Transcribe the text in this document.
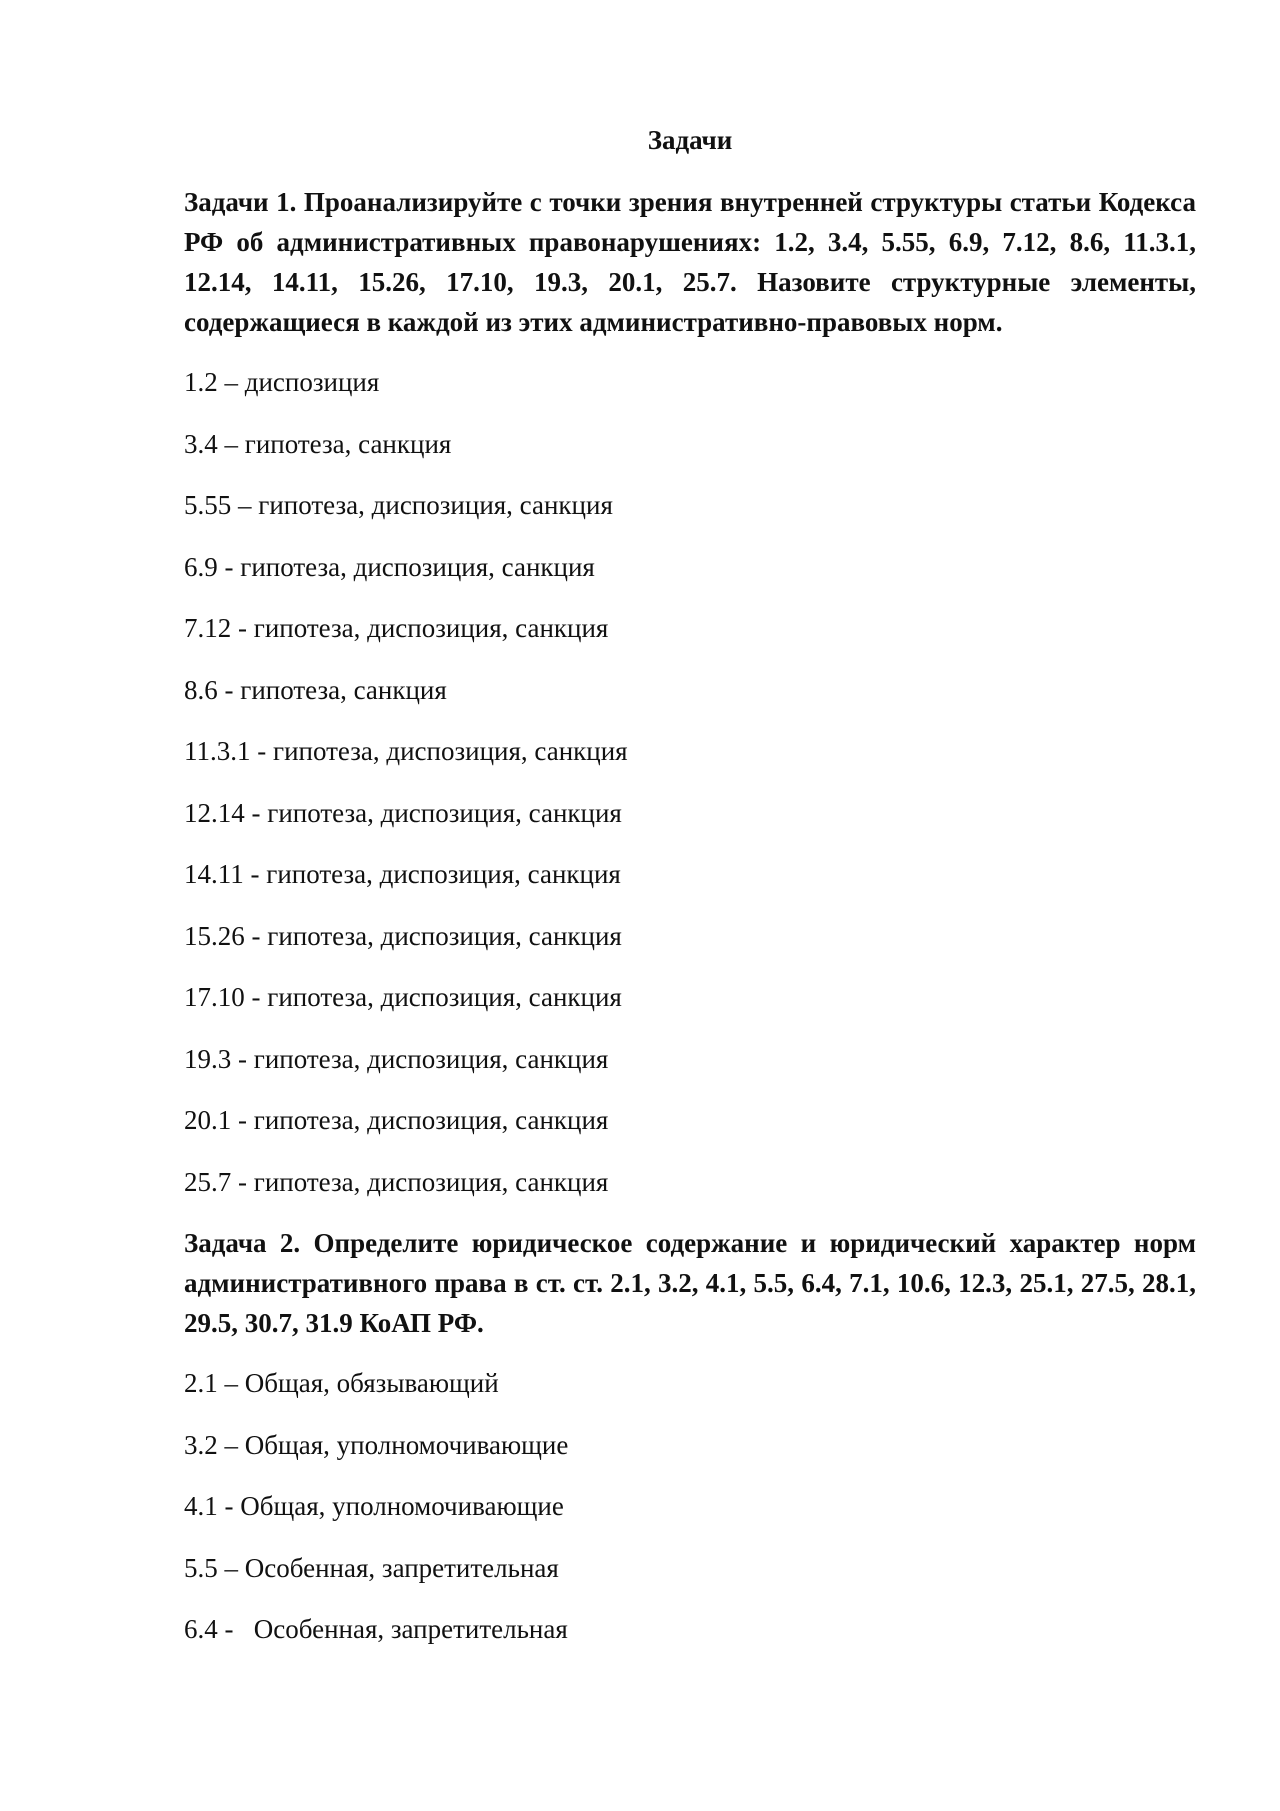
Задачи

Задачи 1. Проанализируйте с точки зрения внутренней структуры статьи Кодекса РФ об административных правонарушениях: 1.2, 3.4, 5.55, 6.9, 7.12, 8.6, 11.3.1, 12.14, 14.11, 15.26, 17.10, 19.3, 20.1, 25.7. Назовите структурные элементы, содержащиеся в каждой из этих административно-правовых норм.

1.2 – диспозиция
3.4 – гипотеза, санкция
5.55 – гипотеза, диспозиция, санкция
6.9 - гипотеза, диспозиция, санкция
7.12 - гипотеза, диспозиция, санкция
8.6 - гипотеза, санкция
11.3.1 - гипотеза, диспозиция, санкция
12.14 - гипотеза, диспозиция, санкция
14.11 - гипотеза, диспозиция, санкция
15.26 - гипотеза, диспозиция, санкция
17.10 - гипотеза, диспозиция, санкция
19.3 - гипотеза, диспозиция, санкция
20.1 - гипотеза, диспозиция, санкция
25.7 - гипотеза, диспозиция, санкция

Задача 2. Определите юридическое содержание и юридический характер норм административного права в ст. ст. 2.1, 3.2, 4.1, 5.5, 6.4, 7.1, 10.6, 12.3, 25.1, 27.5, 28.1, 29.5, 30.7, 31.9 КоАП РФ.

2.1 – Общая, обязывающий
3.2 – Общая, уполномочивающие
4.1 - Общая, уполномочивающие
5.5 – Особенная, запретительная
6.4 -   Особенная, запретительная
